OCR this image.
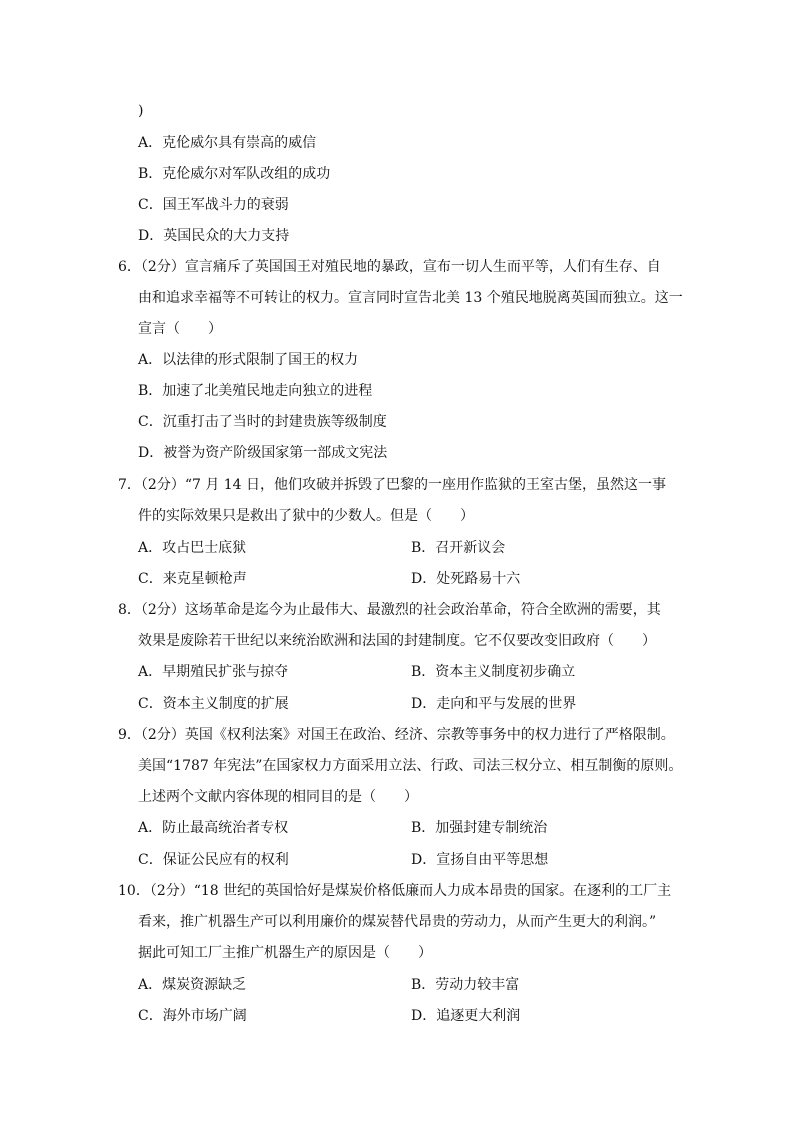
)
A．克伦威尔具有崇高的威信
B．克伦威尔对军队改组的成功
C．国王军战斗力的衰弱
D．英国民众的大力支持
6．（2分）宣言痛斥了英国国王对殖民地的暴政，宣布一切人生而平等，人们有生存、自
由和追求幸福等不可转让的权力。宣言同时宣告北美 13 个殖民地脱离英国而独立。这一
宣言（　　）
A．以法律的形式限制了国王的权力
B．加速了北美殖民地走向独立的进程
C．沉重打击了当时的封建贵族等级制度
D．被誉为资产阶级国家第一部成文宪法
7．（2分）“7 月 14 日，他们攻破并拆毁了巴黎的一座用作监狱的王室古堡，虽然这一事
件的实际效果只是救出了狱中的少数人。但是（　　）
A．攻占巴士底狱	B．召开新议会
C．来克星顿枪声	D．处死路易十六
8．（2分）这场革命是迄今为止最伟大、最激烈的社会政治革命，符合全欧洲的需要，其
效果是废除若干世纪以来统治欧洲和法国的封建制度。它不仅要改变旧政府（　　）
A．早期殖民扩张与掠夺	B．资本主义制度初步确立
C．资本主义制度的扩展	D．走向和平与发展的世界
9．（2分）英国《权利法案》对国王在政治、经济、宗教等事务中的权力进行了严格限制。
美国“1787 年宪法”在国家权力方面采用立法、行政、司法三权分立、相互制衡的原则。
上述两个文献内容体现的相同目的是（　　）
A．防止最高统治者专权	B．加强封建专制统治
C．保证公民应有的权利	D．宣扬自由平等思想
10．（2分）“18 世纪的英国恰好是煤炭价格低廉而人力成本昂贵的国家。在逐利的工厂主
看来，推广机器生产可以利用廉价的煤炭替代昂贵的劳动力，从而产生更大的利润。”
据此可知工厂主推广机器生产的原因是（　　）
A．煤炭资源缺乏	B．劳动力较丰富
C．海外市场广阔	D．追逐更大利润
